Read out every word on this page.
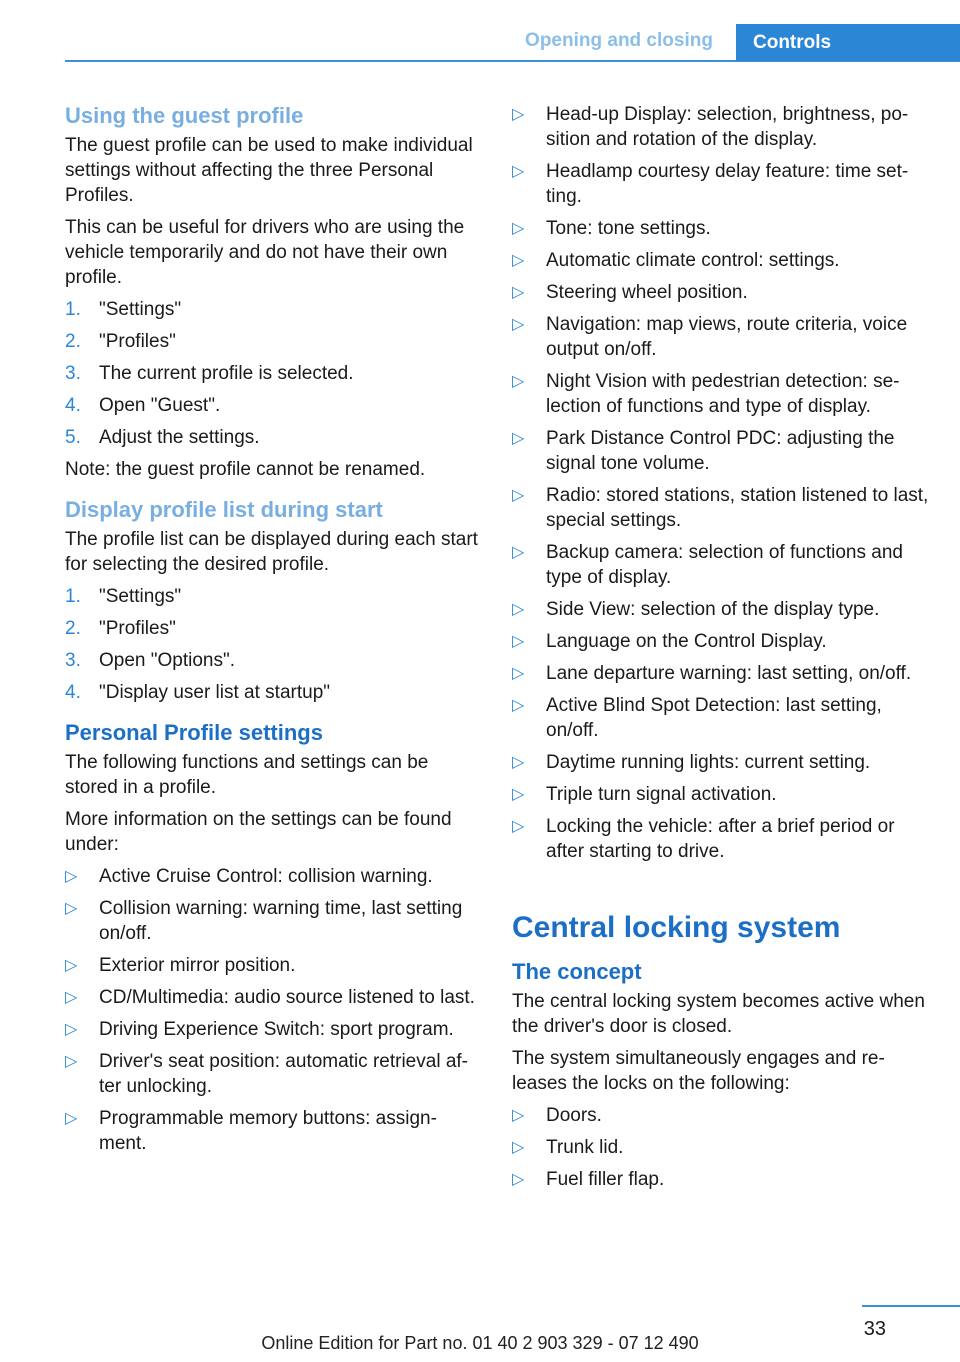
Opening and closing	Controls
Using the guest profile

The guest profile can be used to make individual settings without affecting the three Personal Profiles.

This can be useful for drivers who are using the vehicle temporarily and do not have their own profile.

1. "Settings"
2. "Profiles"
3. The current profile is selected.
4. Open "Guest".
5. Adjust the settings.

Note: the guest profile cannot be renamed.

Display profile list during start

The profile list can be displayed during each start for selecting the desired profile.

1. "Settings"
2. "Profiles"
3. Open "Options".
4. "Display user list at startup"
Personal Profile settings

The following functions and settings can be stored in a profile.

More information on the settings can be found under:

▷ Active Cruise Control: collision warning.
▷ Collision warning: warning time, last setting on/off.
▷ Exterior mirror position.
▷ CD/Multimedia: audio source listened to last.
▷ Driving Experience Switch: sport program.
▷ Driver's seat position: automatic retrieval af-ter unlocking.
▷ Programmable memory buttons: assign-ment.
▷ Head-up Display: selection, brightness, po-sition and rotation of the display.
▷ Headlamp courtesy delay feature: time set-ting.
▷ Tone: tone settings.
▷ Automatic climate control: settings.
▷ Steering wheel position.
▷ Navigation: map views, route criteria, voice output on/off.
▷ Night Vision with pedestrian detection: se-lection of functions and type of display.
▷ Park Distance Control PDC: adjusting the signal tone volume.
▷ Radio: stored stations, station listened to last, special settings.
▷ Backup camera: selection of functions and type of display.
▷ Side View: selection of the display type.
▷ Language on the Control Display.
▷ Lane departure warning: last setting, on/off.
▷ Active Blind Spot Detection: last setting, on/off.
▷ Daytime running lights: current setting.
▷ Triple turn signal activation.
▷ Locking the vehicle: after a brief period or after starting to drive.
Central locking system
The concept

The central locking system becomes active when the driver's door is closed.

The system simultaneously engages and re-leases the locks on the following:

▷ Doors.
▷ Trunk lid.
▷ Fuel filler flap.
33
Online Edition for Part no. 01 40 2 903 329 - 07 12 490
